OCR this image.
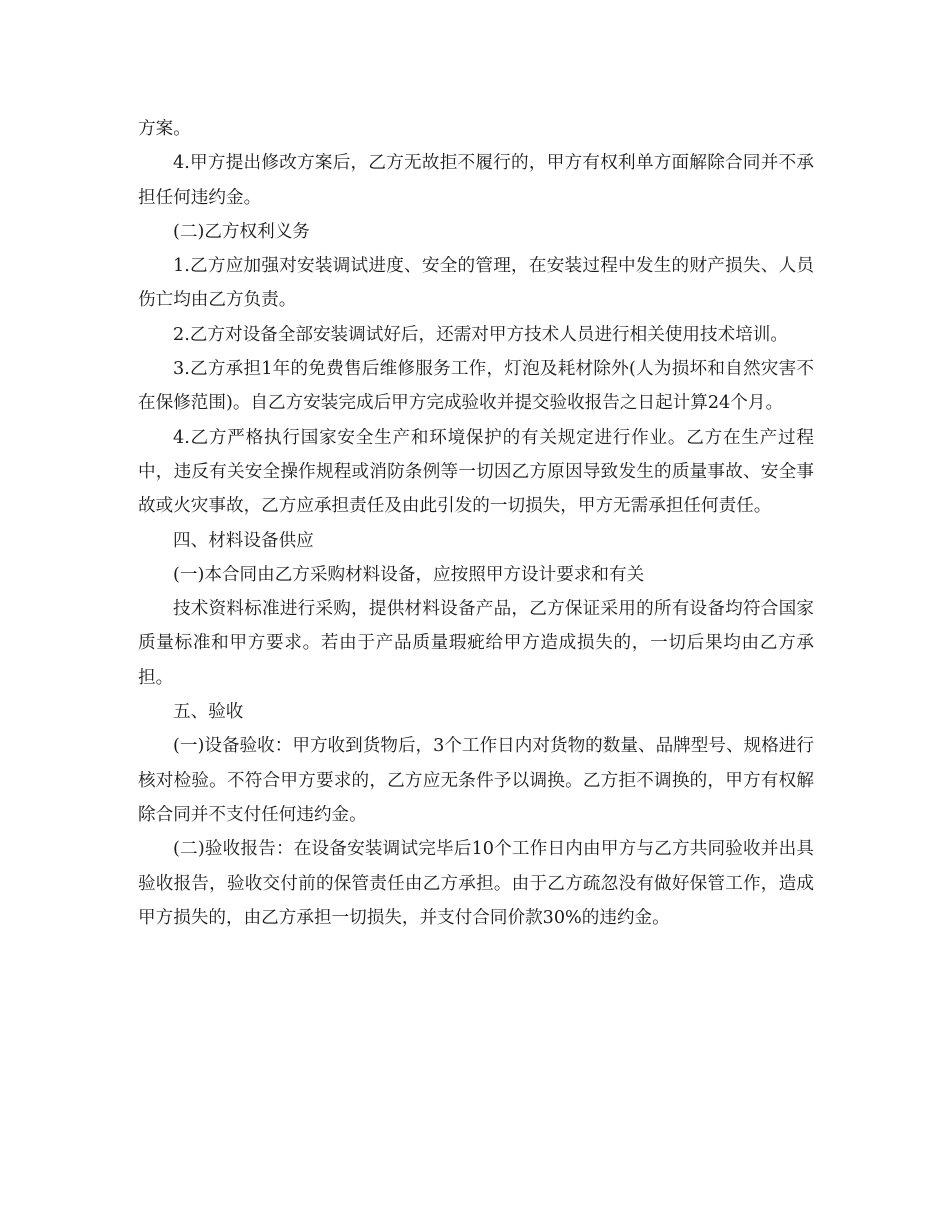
方案。

4.甲方提出修改方案后，乙方无故拒不履行的，甲方有权利单方面解除合同并不承担任何违约金。

(二)乙方权利义务

1.乙方应加强对安装调试进度、安全的管理，在安装过程中发生的财产损失、人员伤亡均由乙方负责。

2.乙方对设备全部安装调试好后，还需对甲方技术人员进行相关使用技术培训。

3.乙方承担1年的免费售后维修服务工作，灯泡及耗材除外(人为损坏和自然灾害不在保修范围)。自乙方安装完成后甲方完成验收并提交验收报告之日起计算24个月。

4.乙方严格执行国家安全生产和环境保护的有关规定进行作业。乙方在生产过程中，违反有关安全操作规程或消防条例等一切因乙方原因导致发生的质量事故、安全事故或火灾事故，乙方应承担责任及由此引发的一切损失，甲方无需承担任何责任。

四、材料设备供应

(一)本合同由乙方采购材料设备，应按照甲方设计要求和有关

技术资料标准进行采购，提供材料设备产品，乙方保证采用的所有设备均符合国家质量标准和甲方要求。若由于产品质量瑕疵给甲方造成损失的，一切后果均由乙方承担。

五、验收

(一)设备验收：甲方收到货物后，3个工作日内对货物的数量、品牌型号、规格进行核对检验。不符合甲方要求的，乙方应无条件予以调换。乙方拒不调换的，甲方有权解除合同并不支付任何违约金。

(二)验收报告：在设备安装调试完毕后10个工作日内由甲方与乙方共同验收并出具验收报告，验收交付前的保管责任由乙方承担。由于乙方疏忽没有做好保管工作，造成甲方损失的，由乙方承担一切损失，并支付合同价款30%的违约金。
